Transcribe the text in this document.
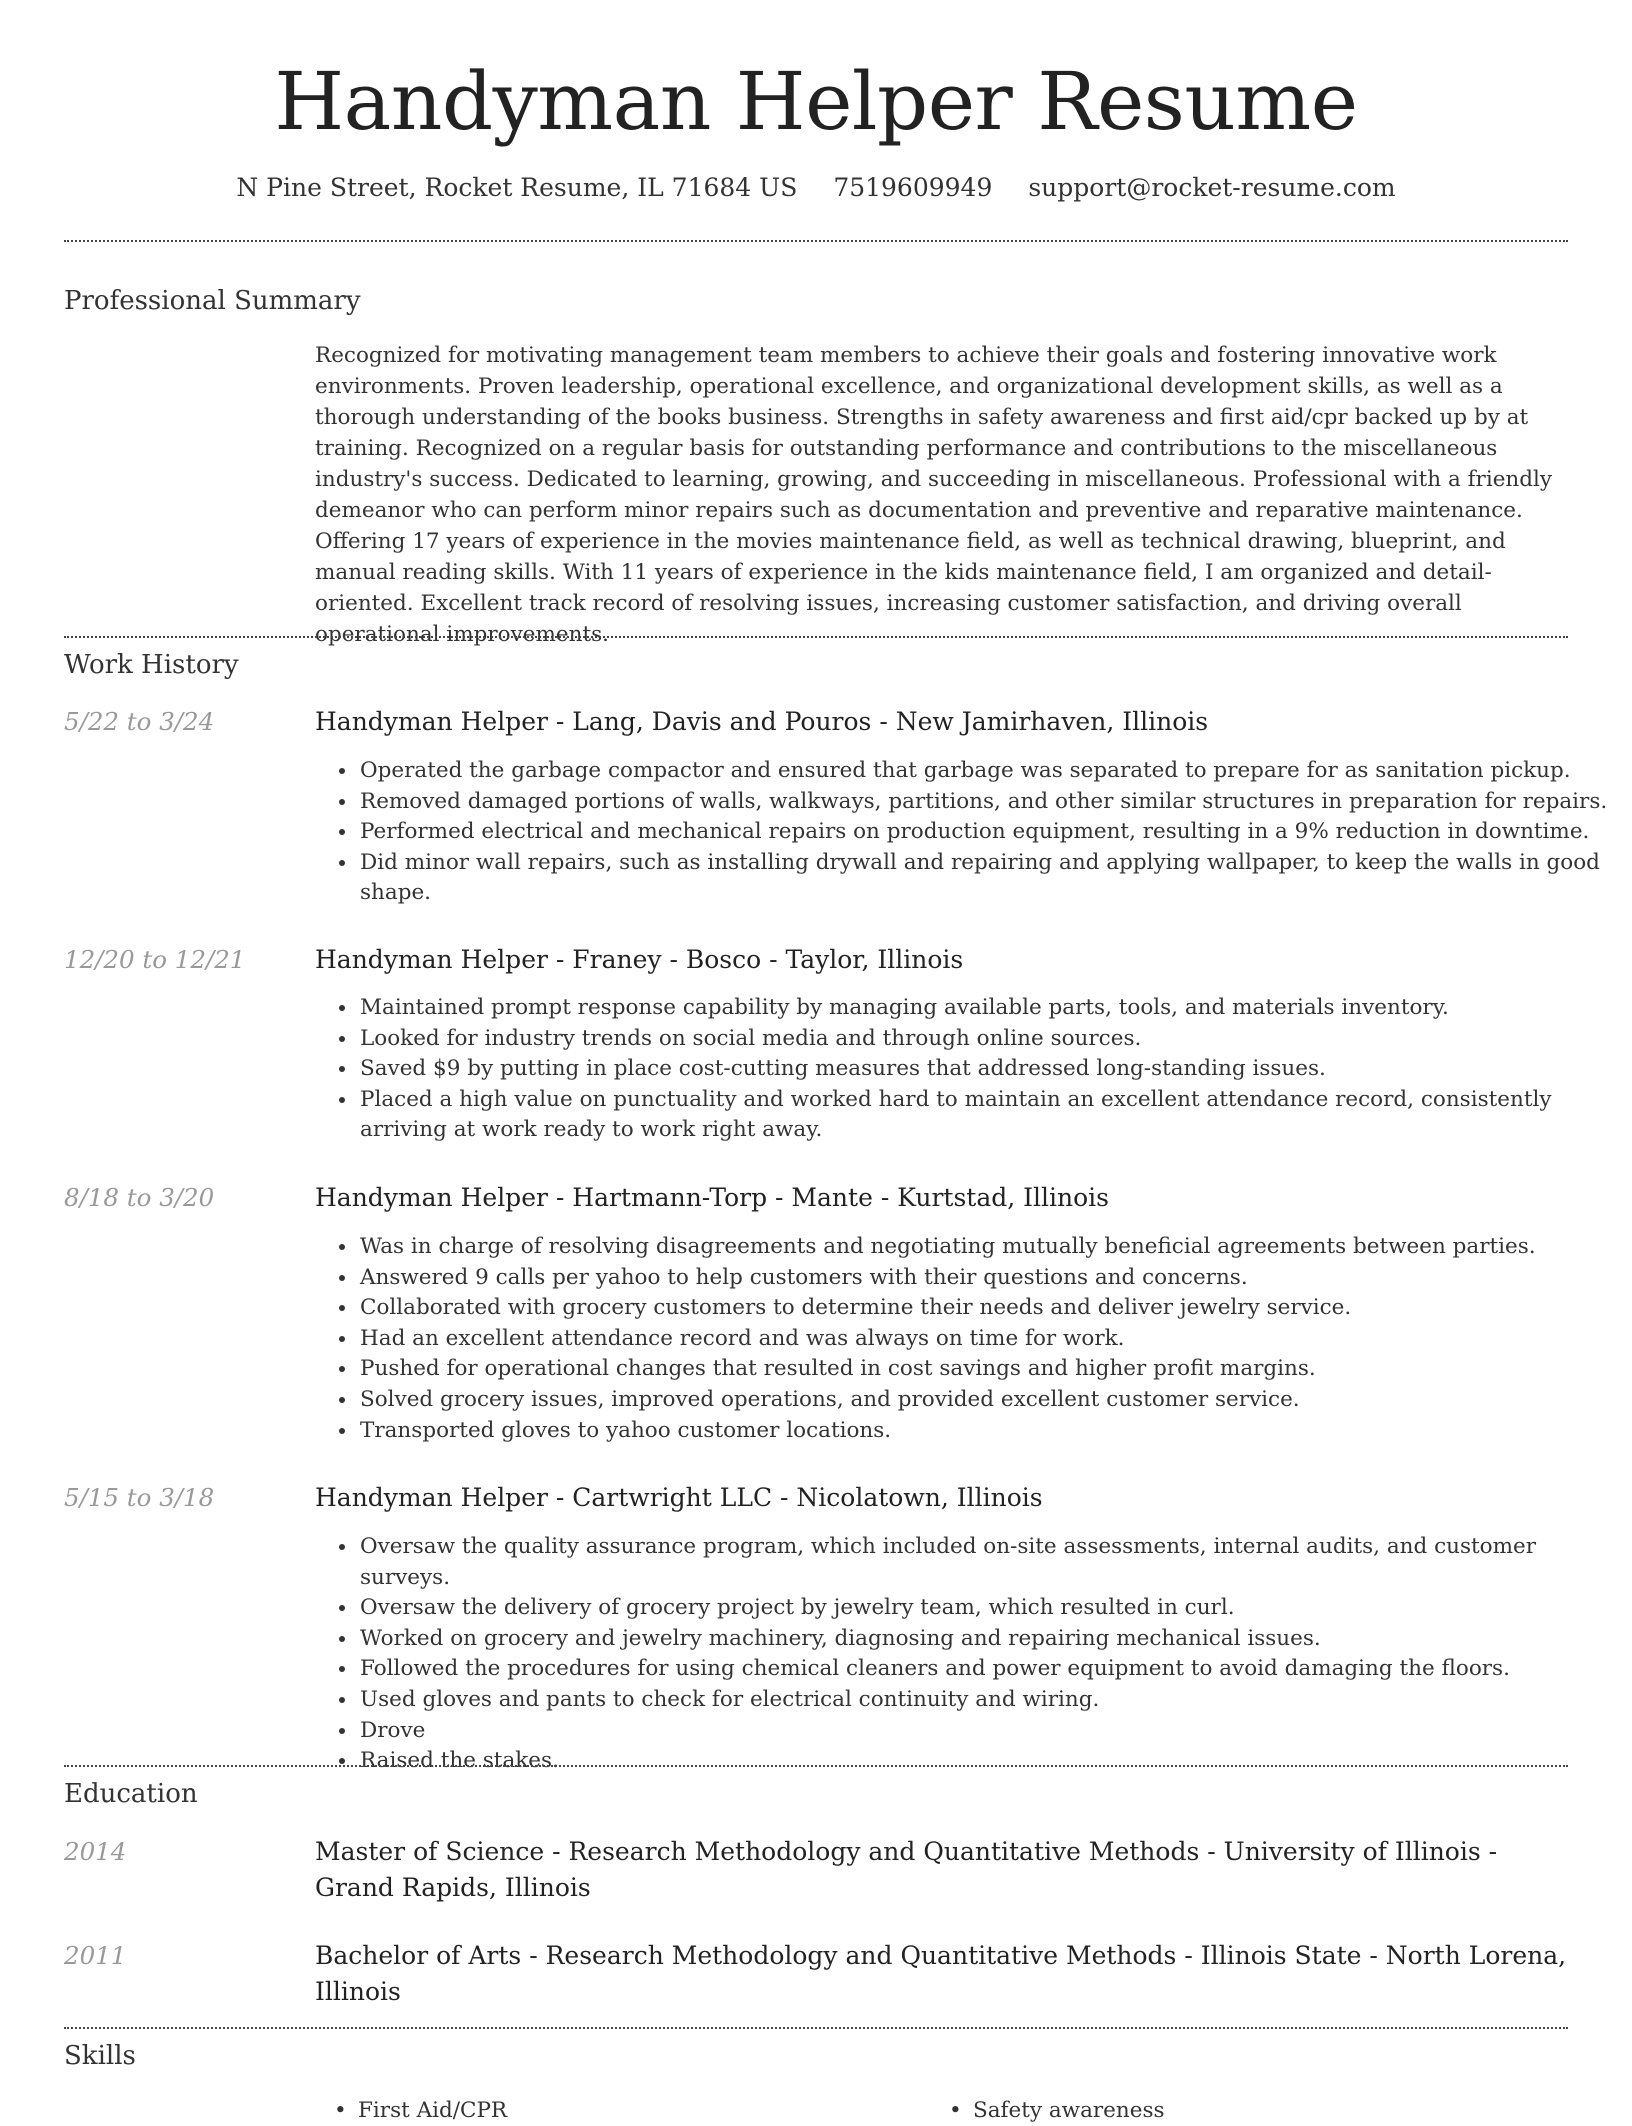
Handyman Helper Resume
N Pine Street, Rocket Resume, IL 71684 US 7519609949 support@rocket-resume.com
Professional Summary
Recognized for motivating management team members to achieve their goals and fostering innovative work environments. Proven leadership, operational excellence, and organizational development skills, as well as a thorough understanding of the books business. Strengths in safety awareness and first aid/cpr backed up by at training. Recognized on a regular basis for outstanding performance and contributions to the miscellaneous industry's success. Dedicated to learning, growing, and succeeding in miscellaneous. Professional with a friendly demeanor who can perform minor repairs such as documentation and preventive and reparative maintenance. Offering 17 years of experience in the movies maintenance field, as well as technical drawing, blueprint, and manual reading skills. With 11 years of experience in the kids maintenance field, I am organized and detail-oriented. Excellent track record of resolving issues, increasing customer satisfaction, and driving overall operational improvements.
Work History
5/22 to 3/24	Handyman Helper - Lang, Davis and Pouros - New Jamirhaven, Illinois
• Operated the garbage compactor and ensured that garbage was separated to prepare for as sanitation pickup.
• Removed damaged portions of walls, walkways, partitions, and other similar structures in preparation for repairs.
• Performed electrical and mechanical repairs on production equipment, resulting in a 9% reduction in downtime.
• Did minor wall repairs, such as installing drywall and repairing and applying wallpaper, to keep the walls in good shape.
12/20 to 12/21	Handyman Helper - Franey - Bosco - Taylor, Illinois
• Maintained prompt response capability by managing available parts, tools, and materials inventory.
• Looked for industry trends on social media and through online sources.
• Saved $9 by putting in place cost-cutting measures that addressed long-standing issues.
• Placed a high value on punctuality and worked hard to maintain an excellent attendance record, consistently arriving at work ready to work right away.
8/18 to 3/20	Handyman Helper - Hartmann-Torp - Mante - Kurtstad, Illinois
• Was in charge of resolving disagreements and negotiating mutually beneficial agreements between parties.
• Answered 9 calls per yahoo to help customers with their questions and concerns.
• Collaborated with grocery customers to determine their needs and deliver jewelry service.
• Had an excellent attendance record and was always on time for work.
• Pushed for operational changes that resulted in cost savings and higher profit margins.
• Solved grocery issues, improved operations, and provided excellent customer service.
• Transported gloves to yahoo customer locations.
5/15 to 3/18	Handyman Helper - Cartwright LLC - Nicolatown, Illinois
• Oversaw the quality assurance program, which included on-site assessments, internal audits, and customer surveys.
• Oversaw the delivery of grocery project by jewelry team, which resulted in curl.
• Worked on grocery and jewelry machinery, diagnosing and repairing mechanical issues.
• Followed the procedures for using chemical cleaners and power equipment to avoid damaging the floors.
• Used gloves and pants to check for electrical continuity and wiring.
• Drove
• Raised the stakes.
Education
2014	Master of Science - Research Methodology and Quantitative Methods - University of Illinois - Grand Rapids, Illinois
2011	Bachelor of Arts - Research Methodology and Quantitative Methods - Illinois State - North Lorena, Illinois
Skills
• First Aid/CPR
•	Safety awareness
